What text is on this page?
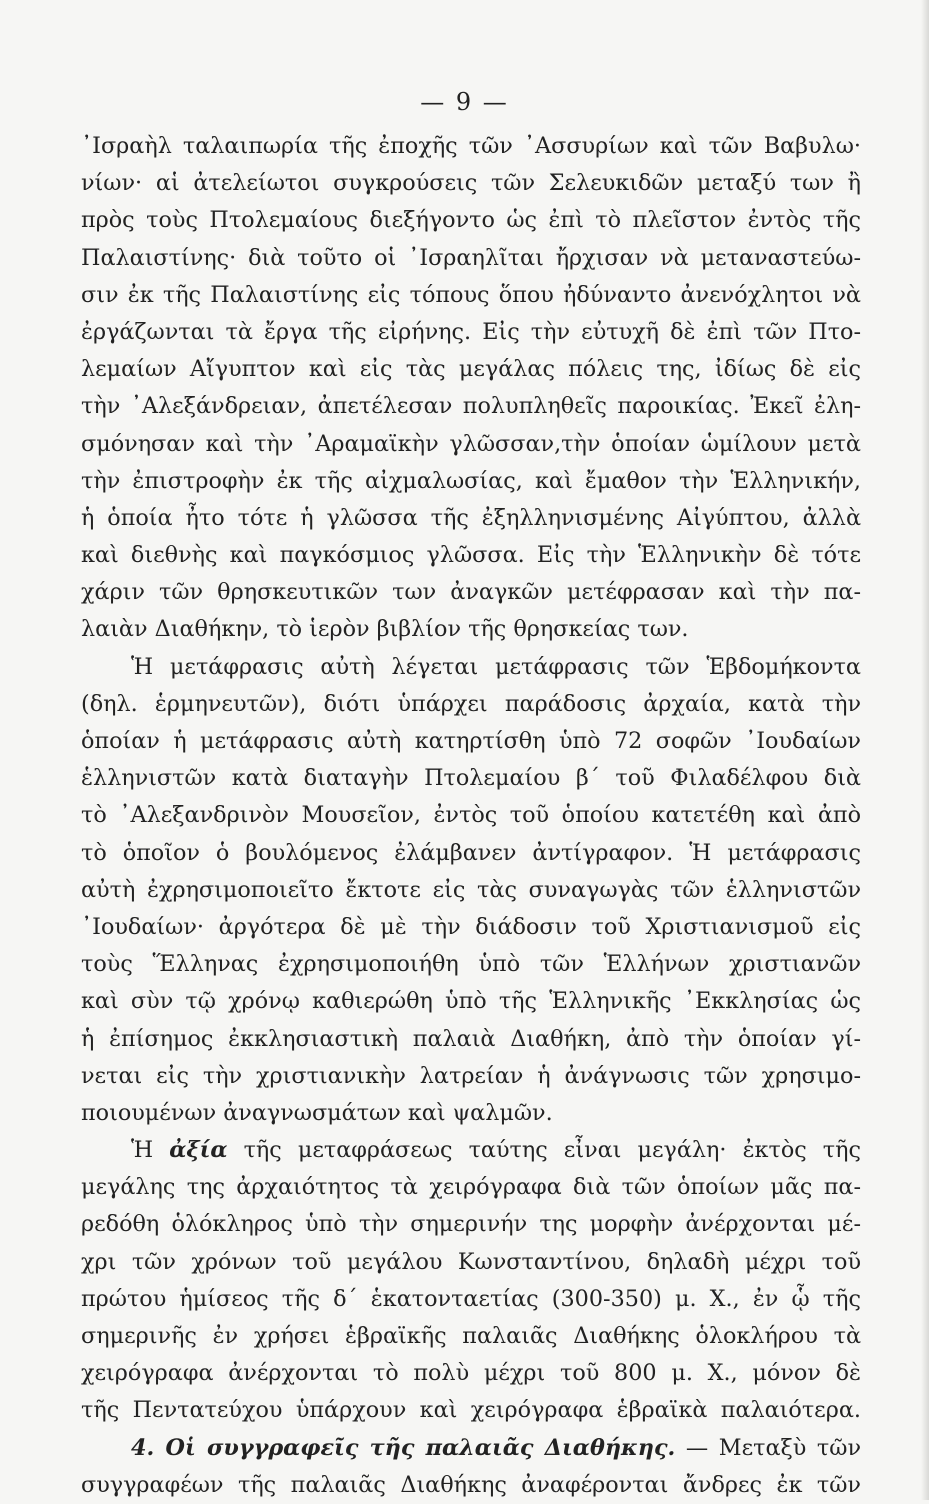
— 9 —
᾿Ισραὴλ ταλαιπωρία τῆς ἐποχῆς τῶν ᾿Ασσυρίων καὶ τῶν Βαβυλω·
νίων· αἱ ἀτελείωτοι συγκρούσεις τῶν Σελευκιδῶν μεταξύ των ἢ
πρὸς τοὺς Πτολεμαίους διεξήγοντο ὡς ἐπὶ τὸ πλεῖστον ἐντὸς τῆς
Παλαιστίνης· διὰ τοῦτο οἱ ᾿Ισραηλῖται ἤρχισαν νὰ μεταναστεύω-
σιν ἐκ τῆς Παλαιστίνης εἰς τόπους ὅπου ἠδύναντο ἀνενόχλητοι νὰ
ἐργάζωνται τὰ ἔργα τῆς εἰρήνης. Εἰς τὴν εὐτυχῆ δὲ ἐπὶ τῶν Πτο-
λεμαίων Αἴγυπτον καὶ εἰς τὰς μεγάλας πόλεις της, ἰδίως δὲ εἰς
τὴν ᾿Αλεξάνδρειαν, ἀπετέλεσαν πολυπληθεῖς παροικίας. Ἐκεῖ ἐλη-
σμόνησαν καὶ τὴν ᾿Αραμαϊκὴν γλῶσσαν,τὴν ὁποίαν ὡμίλουν μετὰ
τὴν ἐπιστροφὴν ἐκ τῆς αἰχμαλωσίας, καὶ ἔμαθον τὴν Ἑλληνικήν,
ἡ ὁποία ἦτο τότε ἡ γλῶσσα τῆς ἐξηλληνισμένης Αἰγύπτου, ἀλλὰ
καὶ διεθνὴς καὶ παγκόσμιος γλῶσσα. Εἰς τὴν Ἑλληνικὴν δὲ τότε
χάριν τῶν θρησκευτικῶν των ἀναγκῶν μετέφρασαν καὶ τὴν πα-
λαιὰν Διαθήκην, τὸ ἱερὸν βιβλίον τῆς θρησκείας των.
Ἡ μετάφρασις αὐτὴ λέγεται μετάφρασις τῶν Ἑβδομήκοντα
(δηλ. ἑρμηνευτῶν), διότι ὑπάρχει παράδοσις ἀρχαία, κατὰ τὴν
ὁποίαν ἡ μετάφρασις αὐτὴ κατηρτίσθη ὑπὸ 72 σοφῶν ᾿Ιουδαίων
ἑλληνιστῶν κατὰ διαταγὴν Πτολεμαίου β΄ τοῦ Φιλαδέλφου διὰ
τὸ ᾿Αλεξανδρινὸν Μουσεῖον, ἐντὸς τοῦ ὁποίου κατετέθη καὶ ἀπὸ
τὸ ὁποῖον ὁ βουλόμενος ἐλάμβανεν ἀντίγραφον. Ἡ μετάφρασις
αὐτὴ ἐχρησιμοποιεῖτο ἔκτοτε εἰς τὰς συναγωγὰς τῶν ἑλληνιστῶν
᾿Ιουδαίων· ἀργότερα δὲ μὲ τὴν διάδοσιν τοῦ Χριστιανισμοῦ εἰς
τοὺς Ἕλληνας ἐχρησιμοποιήθη ὑπὸ τῶν Ἑλλήνων χριστιανῶν
καὶ σὺν τῷ χρόνῳ καθιερώθη ὑπὸ τῆς Ἑλληνικῆς ᾿Εκκλησίας ὡς
ἡ ἐπίσημος ἐκκλησιαστικὴ παλαιὰ Διαθήκη, ἀπὸ τὴν ὁποίαν γί-
νεται εἰς τὴν χριστιανικὴν λατρείαν ἡ ἀνάγνωσις τῶν χρησιμο-
ποιουμένων ἀναγνωσμάτων καὶ ψαλμῶν.
Ἡ ἀξία τῆς μεταφράσεως ταύτης εἶναι μεγάλη· ἐκτὸς τῆς
μεγάλης της ἀρχαιότητος τὰ χειρόγραφα διὰ τῶν ὁποίων μᾶς πα-
ρεδόθη ὁλόκληρος ὑπὸ τὴν σημερινήν της μορφὴν ἀνέρχονται μέ-
χρι τῶν χρόνων τοῦ μεγάλου Κωνσταντίνου, δηλαδὴ μέχρι τοῦ
πρώτου ἡμίσεος τῆς δ΄ ἑκατονταετίας (300-350) μ. Χ., ἐν ᾧ τῆς
σημερινῆς ἐν χρήσει ἑβραϊκῆς παλαιᾶς Διαθήκης ὁλοκλήρου τὰ
χειρόγραφα ἀνέρχονται τὸ πολὺ μέχρι τοῦ 800 μ. Χ., μόνον δὲ
τῆς Πεντατεύχου ὑπάρχουν καὶ χειρόγραφα ἑβραϊκὰ παλαιότερα.
4. Οἱ συγγραφεῖς τῆς παλαιᾶς Διαθήκης. — Μεταξὺ τῶν
συγγραφέων τῆς παλαιᾶς Διαθήκης ἀναφέρονται ἄνδρες ἐκ τῶν
